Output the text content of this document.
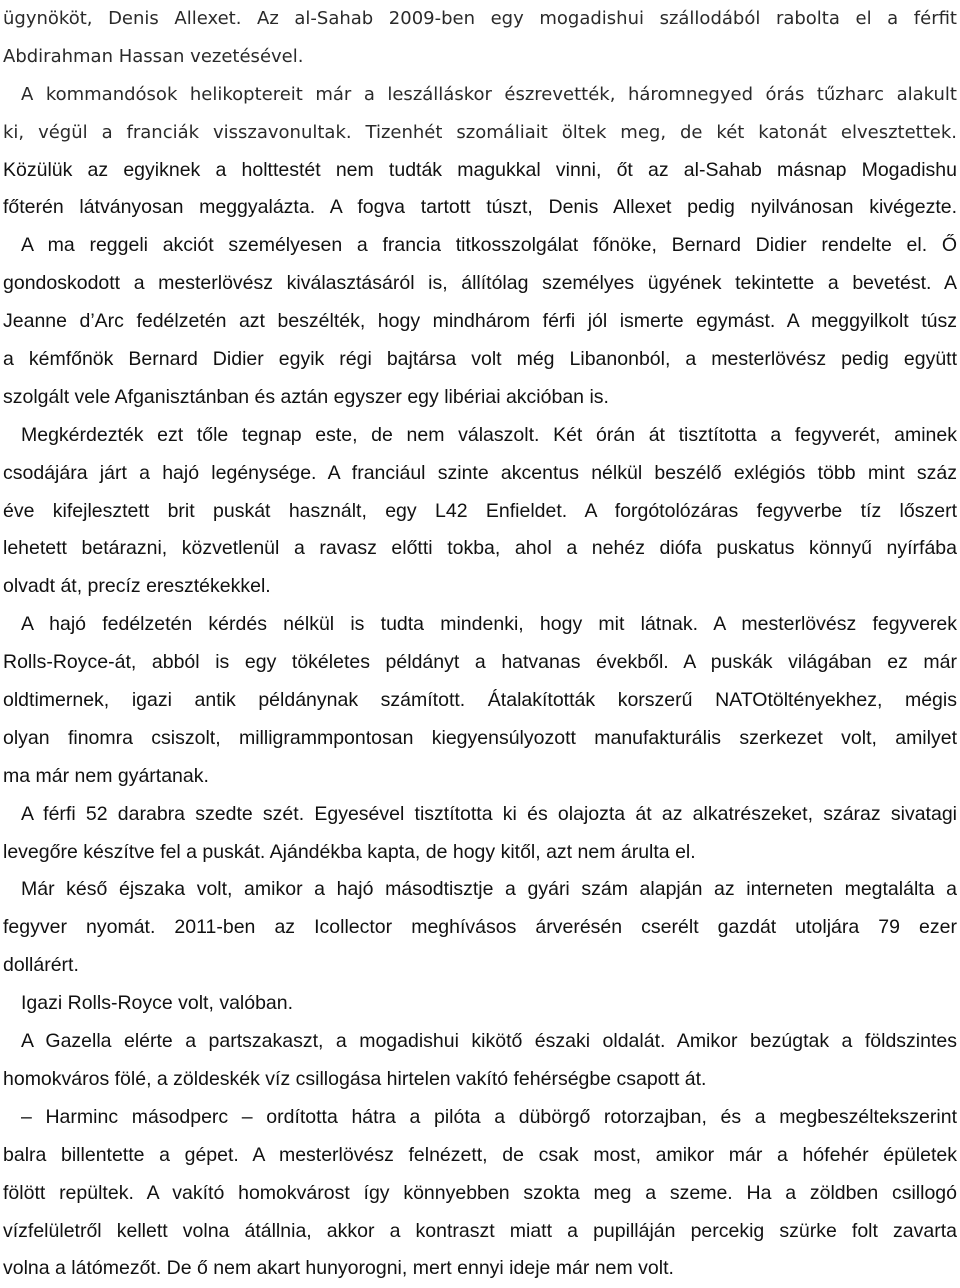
ügynököt, Denis Allexet. Az al-Sahab 2009-ben egy mogadishui szállodából rabolta el a férfit
Abdirahman Hassan vezetésével.
A kommandósok helikoptereit már a leszálláskor észrevették, háromnegyed órás tűzharc alakult
ki, végül a franciák visszavonultak. Tizenhét szomáliait öltek meg, de két katonát elvesztettek.
Közülük az egyiknek a holttestét nem tudták magukkal vinni, őt az al-Sahab másnap Mogadishu
főterén látványosan meggyalázta. A fogva tartott túszt, Denis Allexet pedig nyilvánosan kivégezte.
A ma reggeli akciót személyesen a francia titkosszolgálat főnöke, Bernard Didier rendelte el. Ő
gondoskodott a mesterlövész kiválasztásáról is, állítólag személyes ügyének tekintette a bevetést. A
Jeanne d’Arc fedélzetén azt beszélték, hogy mindhárom férfi jól ismerte egymást. A meggyilkolt túsz
a kémfőnök Bernard Didier egyik régi bajtársa volt még Libanonból, a mesterlövész pedig együtt
szolgált vele Afganisztánban és aztán egyszer egy libériai akcióban is.
Megkérdezték ezt tőle tegnap este, de nem válaszolt. Két órán át tisztította a fegyverét, aminek
csodájára járt a hajó legénysége. A franciául szinte akcentus nélkül beszélő exlégiós több mint száz
éve kifejlesztett brit puskát használt, egy L42 Enfieldet. A forgótolózáras fegyverbe tíz lőszert
lehetett betárazni, közvetlenül a ravasz előtti tokba, ahol a nehéz diófa puskatus könnyű nyírfába
olvadt át, precíz eresztékekkel.
A hajó fedélzetén kérdés nélkül is tudta mindenki, hogy mit látnak. A mesterlövész fegyverek
Rolls-Royce-át, abból is egy tökéletes példányt a hatvanas évekből. A puskák világában ez már
oldtimernek, igazi antik példánynak számított. Átalakították korszerű NATOtöltényekhez, mégis
olyan finomra csiszolt, milligrammpontosan kiegyensúlyozott manufakturális szerkezet volt, amilyet
ma már nem gyártanak.
A férfi 52 darabra szedte szét. Egyesével tisztította ki és olajozta át az alkatrészeket, száraz sivatagi
levegőre készítve fel a puskát. Ajándékba kapta, de hogy kitől, azt nem árulta el.
Már késő éjszaka volt, amikor a hajó másodtisztje a gyári szám alapján az interneten megtalálta a
fegyver nyomát. 2011-ben az Icollector meghívásos árverésén cserélt gazdát utoljára 79 ezer
dollárért.
Igazi Rolls-Royce volt, valóban.
A Gazella elérte a partszakaszt, a mogadishui kikötő északi oldalát. Amikor bezúgtak a földszintes
homokváros fölé, a zöldeskék víz csillogása hirtelen vakító fehérségbe csapott át.
– Harminc másodperc – ordította hátra a pilóta a dübörgő rotorzajban, és a megbeszéltekszerint
balra billentette a gépet. A mesterlövész felnézett, de csak most, amikor már a hófehér épületek
fölött repültek. A vakító homokvárost így könnyebben szokta meg a szeme. Ha a zöldben csillogó
vízfelületről kellett volna átállnia, akkor a kontraszt miatt a pupilláján percekig szürke folt zavarta
volna a látómezőt. De ő nem akart hunyorogni, mert ennyi ideje már nem volt.
